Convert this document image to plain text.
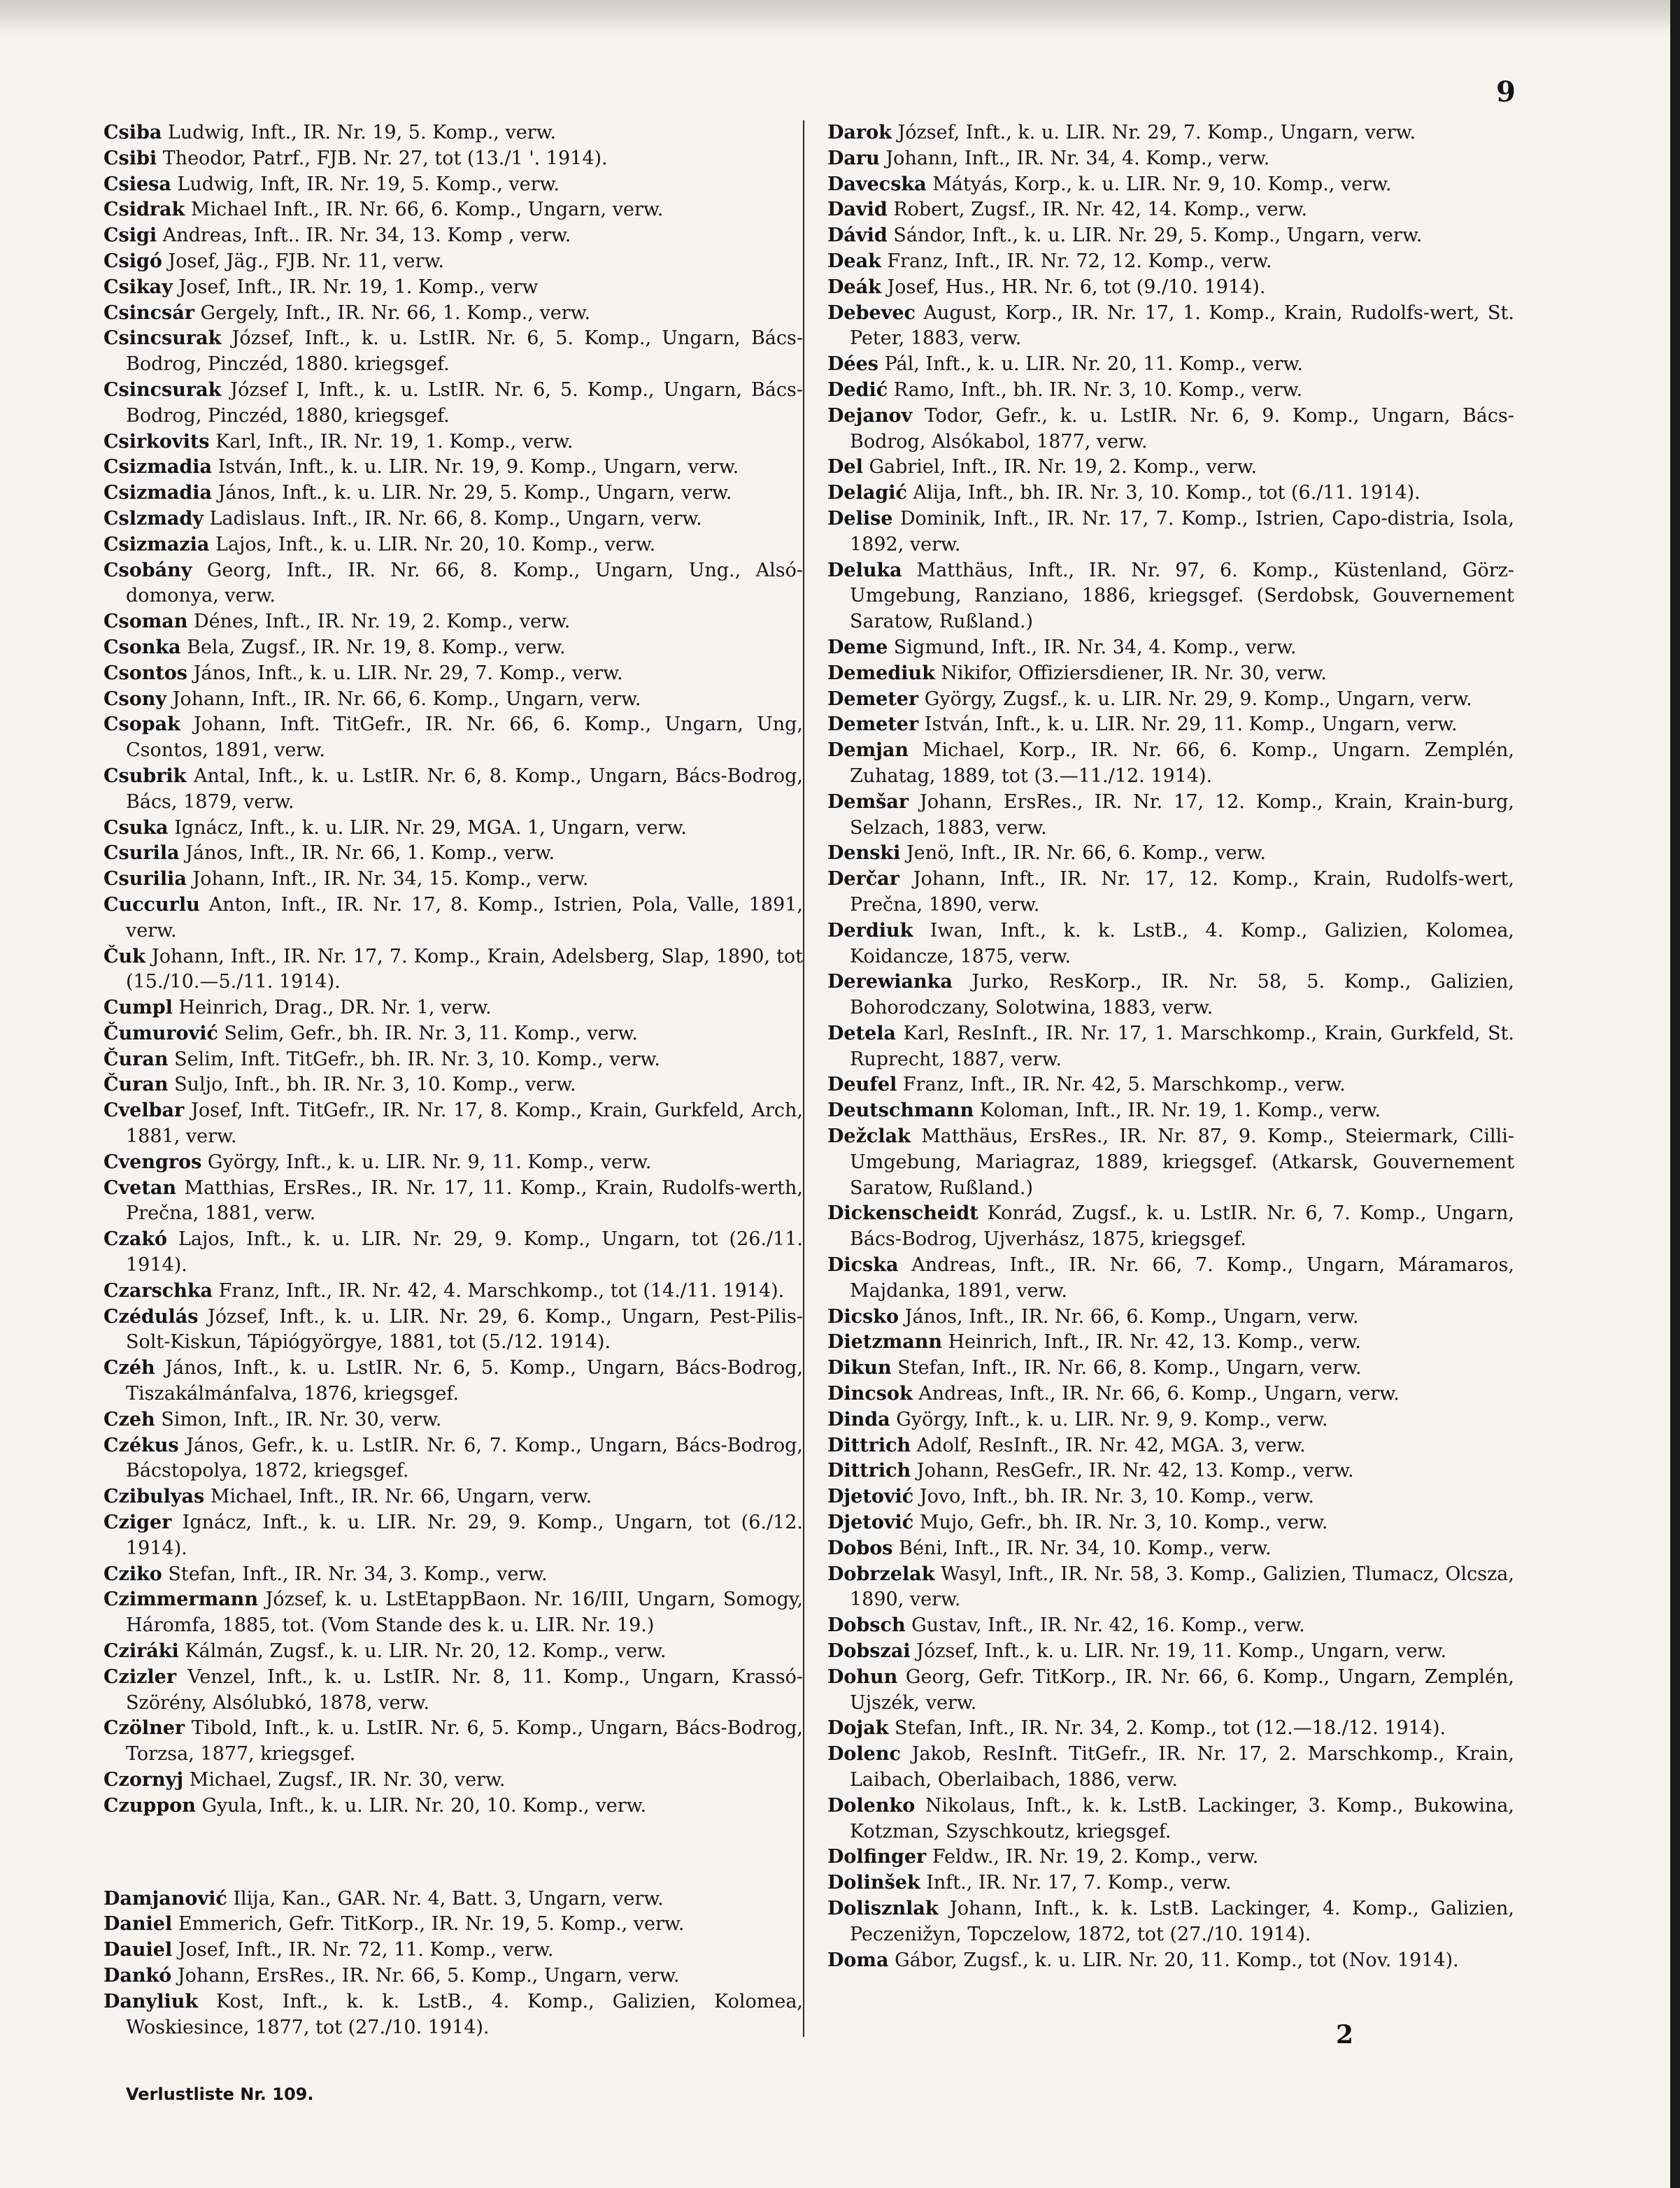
9
Csiba Ludwig, Inft., IR. Nr. 19, 5. Komp., verw.
Csibi Theodor, Patrf., FJB. Nr. 27, tot (13./1 '. 1914).
Csiesa Ludwig, Inft, IR. Nr. 19, 5. Komp., verw.
Csidrak Michael Inft., IR. Nr. 66, 6. Komp., Ungarn, verw.
Csigi Andreas, Inft.. IR. Nr. 34, 13. Komp , verw.
Csigó Josef, Jäg., FJB. Nr. 11, verw.
Csikay Josef, Inft., IR. Nr. 19, 1. Komp., verw
Csincsár Gergely, Inft., IR. Nr. 66, 1. Komp., verw.
Csincsurak József, Inft., k. u. LstIR. Nr. 6, 5. Komp., Ungarn, Bács-Bodrog, Pinczéd, 1880. kriegsgef.
Csincsurak József I, Inft., k. u. LstIR. Nr. 6, 5. Komp., Ungarn, Bács-Bodrog, Pinczéd, 1880, kriegsgef.
Csirkovits Karl, Inft., IR. Nr. 19, 1. Komp., verw.
Csizmadia István, Inft., k. u. LIR. Nr. 19, 9. Komp., Ungarn, verw.
Csizmadia János, Inft., k. u. LIR. Nr. 29, 5. Komp., Ungarn, verw.
Cslzmady Ladislaus. Inft., IR. Nr. 66, 8. Komp., Ungarn, verw.
Csizmazia Lajos, Inft., k. u. LIR. Nr. 20, 10. Komp., verw.
Csobány Georg, Inft., IR. Nr. 66, 8. Komp., Ungarn, Ung., Alsó-domonya, verw.
Csoman Dénes, Inft., IR. Nr. 19, 2. Komp., verw.
Csonka Bela, Zugsf., IR. Nr. 19, 8. Komp., verw.
Csontos János, Inft., k. u. LIR. Nr. 29, 7. Komp., verw.
Csony Johann, Inft., IR. Nr. 66, 6. Komp., Ungarn, verw.
Csopak Johann, Inft. TitGefr., IR. Nr. 66, 6. Komp., Ungarn, Ung, Csontos, 1891, verw.
Csubrik Antal, Inft., k. u. LstIR. Nr. 6, 8. Komp., Ungarn, Bács-Bodrog, Bács, 1879, verw.
Csuka Ignácz, Inft., k. u. LIR. Nr. 29, MGA. 1, Ungarn, verw.
Csurila János, Inft., IR. Nr. 66, 1. Komp., verw.
Csurilia Johann, Inft., IR. Nr. 34, 15. Komp., verw.
Cuccurlu Anton, Inft., IR. Nr. 17, 8. Komp., Istrien, Pola, Valle, 1891, verw.
Čuk Johann, Inft., IR. Nr. 17, 7. Komp., Krain, Adelsberg, Slap, 1890, tot (15./10.—5./11. 1914).
Cumpl Heinrich, Drag., DR. Nr. 1, verw.
Čumurović Selim, Gefr., bh. IR. Nr. 3, 11. Komp., verw.
Čuran Selim, Inft. TitGefr., bh. IR. Nr. 3, 10. Komp., verw.
Čuran Suljo, Inft., bh. IR. Nr. 3, 10. Komp., verw.
Cvelbar Josef, Inft. TitGefr., IR. Nr. 17, 8. Komp., Krain, Gurkfeld, Arch, 1881, verw.
Cvengros György, Inft., k. u. LIR. Nr. 9, 11. Komp., verw.
Cvetan Matthias, ErsRes., IR. Nr. 17, 11. Komp., Krain, Rudolfs-werth, Prečna, 1881, verw.
Czakó Lajos, Inft., k. u. LIR. Nr. 29, 9. Komp., Ungarn, tot (26./11. 1914).
Czarschka Franz, Inft., IR. Nr. 42, 4. Marschkomp., tot (14./11. 1914).
Czédulás József, Inft., k. u. LIR. Nr. 29, 6. Komp., Ungarn, Pest-Pilis-Solt-Kiskun, Tápiógyörgye, 1881, tot (5./12. 1914).
Czéh János, Inft., k. u. LstIR. Nr. 6, 5. Komp., Ungarn, Bács-Bodrog, Tiszakálmánfalva, 1876, kriegsgef.
Czeh Simon, Inft., IR. Nr. 30, verw.
Czékus János, Gefr., k. u. LstIR. Nr. 6, 7. Komp., Ungarn, Bács-Bodrog, Bácstopolya, 1872, kriegsgef.
Czibulyas Michael, Inft., IR. Nr. 66, Ungarn, verw.
Cziger Ignácz, Inft., k. u. LIR. Nr. 29, 9. Komp., Ungarn, tot (6./12. 1914).
Cziko Stefan, Inft., IR. Nr. 34, 3. Komp., verw.
Czimmermann József, k. u. LstEtappBaon. Nr. 16/III, Ungarn, Somogy, Háromfa, 1885, tot. (Vom Stande des k. u. LIR. Nr. 19.)
Cziráki Kálmán, Zugsf., k. u. LIR. Nr. 20, 12. Komp., verw.
Czizler Venzel, Inft., k. u. LstIR. Nr. 8, 11. Komp., Ungarn, Krassó-Szörény, Alsólubkó, 1878, verw.
Czölner Tibold, Inft., k. u. LstIR. Nr. 6, 5. Komp., Ungarn, Bács-Bodrog, Torzsa, 1877, kriegsgef.
Czornyj Michael, Zugsf., IR. Nr. 30, verw.
Czuppon Gyula, Inft., k. u. LIR. Nr. 20, 10. Komp., verw.
Damjanović Ilija, Kan., GAR. Nr. 4, Batt. 3, Ungarn, verw.
Daniel Emmerich, Gefr. TitKorp., IR. Nr. 19, 5. Komp., verw.
Dauiel Josef, Inft., IR. Nr. 72, 11. Komp., verw.
Dankó Johann, ErsRes., IR. Nr. 66, 5. Komp., Ungarn, verw.
Danyliuk Kost, Inft., k. k. LstB., 4. Komp., Galizien, Kolomea, Woskiesince, 1877, tot (27./10. 1914).
Darok József, Inft., k. u. LIR. Nr. 29, 7. Komp., Ungarn, verw.
Daru Johann, Inft., IR. Nr. 34, 4. Komp., verw.
Davecska Mátyás, Korp., k. u. LIR. Nr. 9, 10. Komp., verw.
David Robert, Zugsf., IR. Nr. 42, 14. Komp., verw.
Dávid Sándor, Inft., k. u. LIR. Nr. 29, 5. Komp., Ungarn, verw.
Deak Franz, Inft., IR. Nr. 72, 12. Komp., verw.
Deák Josef, Hus., HR. Nr. 6, tot (9./10. 1914).
Debevec August, Korp., IR. Nr. 17, 1. Komp., Krain, Rudolfs-wert, St. Peter, 1883, verw.
Dées Pál, Inft., k. u. LIR. Nr. 20, 11. Komp., verw.
Dedić Ramo, Inft., bh. IR. Nr. 3, 10. Komp., verw.
Dejanov Todor, Gefr., k. u. LstIR. Nr. 6, 9. Komp., Ungarn, Bács-Bodrog, Alsókabol, 1877, verw.
Del Gabriel, Inft., IR. Nr. 19, 2. Komp., verw.
Delagić Alija, Inft., bh. IR. Nr. 3, 10. Komp., tot (6./11. 1914).
Delise Dominik, Inft., IR. Nr. 17, 7. Komp., Istrien, Capo-distria, Isola, 1892, verw.
Deluka Matthäus, Inft., IR. Nr. 97, 6. Komp., Küstenland, Görz-Umgebung, Ranziano, 1886, kriegsgef. (Serdobsk, Gouvernement Saratow, Rußland.)
Deme Sigmund, Inft., IR. Nr. 34, 4. Komp., verw.
Demediuk Nikifor, Offiziersdiener, IR. Nr. 30, verw.
Demeter György, Zugsf., k. u. LIR. Nr. 29, 9. Komp., Ungarn, verw.
Demeter István, Inft., k. u. LIR. Nr. 29, 11. Komp., Ungarn, verw.
Demjan Michael, Korp., IR. Nr. 66, 6. Komp., Ungarn. Zemplén, Zuhatag, 1889, tot (3.—11./12. 1914).
Demšar Johann, ErsRes., IR. Nr. 17, 12. Komp., Krain, Krain-burg, Selzach, 1883, verw.
Denski Jenö, Inft., IR. Nr. 66, 6. Komp., verw.
Derčar Johann, Inft., IR. Nr. 17, 12. Komp., Krain, Rudolfs-wert, Prečna, 1890, verw.
Derdiuk Iwan, Inft., k. k. LstB., 4. Komp., Galizien, Kolomea, Koidancze, 1875, verw.
Derewianka Jurko, ResKorp., IR. Nr. 58, 5. Komp., Galizien, Bohorodczany, Solotwina, 1883, verw.
Detela Karl, ResInft., IR. Nr. 17, 1. Marschkomp., Krain, Gurkfeld, St. Ruprecht, 1887, verw.
Deufel Franz, Inft., IR. Nr. 42, 5. Marschkomp., verw.
Deutschmann Koloman, Inft., IR. Nr. 19, 1. Komp., verw.
Dežclak Matthäus, ErsRes., IR. Nr. 87, 9. Komp., Steiermark, Cilli-Umgebung, Mariagraz, 1889, kriegsgef. (Atkarsk, Gouvernement Saratow, Rußland.)
Dickenscheidt Konrád, Zugsf., k. u. LstIR. Nr. 6, 7. Komp., Ungarn, Bács-Bodrog, Ujverhász, 1875, kriegsgef.
Dicska Andreas, Inft., IR. Nr. 66, 7. Komp., Ungarn, Máramaros, Majdanka, 1891, verw.
Dicsko János, Inft., IR. Nr. 66, 6. Komp., Ungarn, verw.
Dietzmann Heinrich, Inft., IR. Nr. 42, 13. Komp., verw.
Dikun Stefan, Inft., IR. Nr. 66, 8. Komp., Ungarn, verw.
Dincsok Andreas, Inft., IR. Nr. 66, 6. Komp., Ungarn, verw.
Dinda György, Inft., k. u. LIR. Nr. 9, 9. Komp., verw.
Dittrich Adolf, ResInft., IR. Nr. 42, MGA. 3, verw.
Dittrich Johann, ResGefr., IR. Nr. 42, 13. Komp., verw.
Djetović Jovo, Inft., bh. IR. Nr. 3, 10. Komp., verw.
Djetović Mujo, Gefr., bh. IR. Nr. 3, 10. Komp., verw.
Dobos Béni, Inft., IR. Nr. 34, 10. Komp., verw.
Dobrzelak Wasyl, Inft., IR. Nr. 58, 3. Komp., Galizien, Tlumacz, Olcsza, 1890, verw.
Dobsch Gustav, Inft., IR. Nr. 42, 16. Komp., verw.
Dobszai József, Inft., k. u. LIR. Nr. 19, 11. Komp., Ungarn, verw.
Dohun Georg, Gefr. TitKorp., IR. Nr. 66, 6. Komp., Ungarn, Zemplén, Ujszék, verw.
Dojak Stefan, Inft., IR. Nr. 34, 2. Komp., tot (12.—18./12. 1914).
Dolenc Jakob, ResInft. TitGefr., IR. Nr. 17, 2. Marschkomp., Krain, Laibach, Oberlaibach, 1886, verw.
Dolenko Nikolaus, Inft., k. k. LstB. Lackinger, 3. Komp., Bukowina, Kotzman, Szyschkoutz, kriegsgef.
Dolfinger Feldw., IR. Nr. 19, 2. Komp., verw.
Dolinšek Inft., IR. Nr. 17, 7. Komp., verw.
Dolisznlak Johann, Inft., k. k. LstB. Lackinger, 4. Komp., Galizien, Peczenižyn, Topczelow, 1872, tot (27./10. 1914).
Doma Gábor, Zugsf., k. u. LIR. Nr. 20, 11. Komp., tot (Nov. 1914).
2
Verlustliste Nr. 109.
